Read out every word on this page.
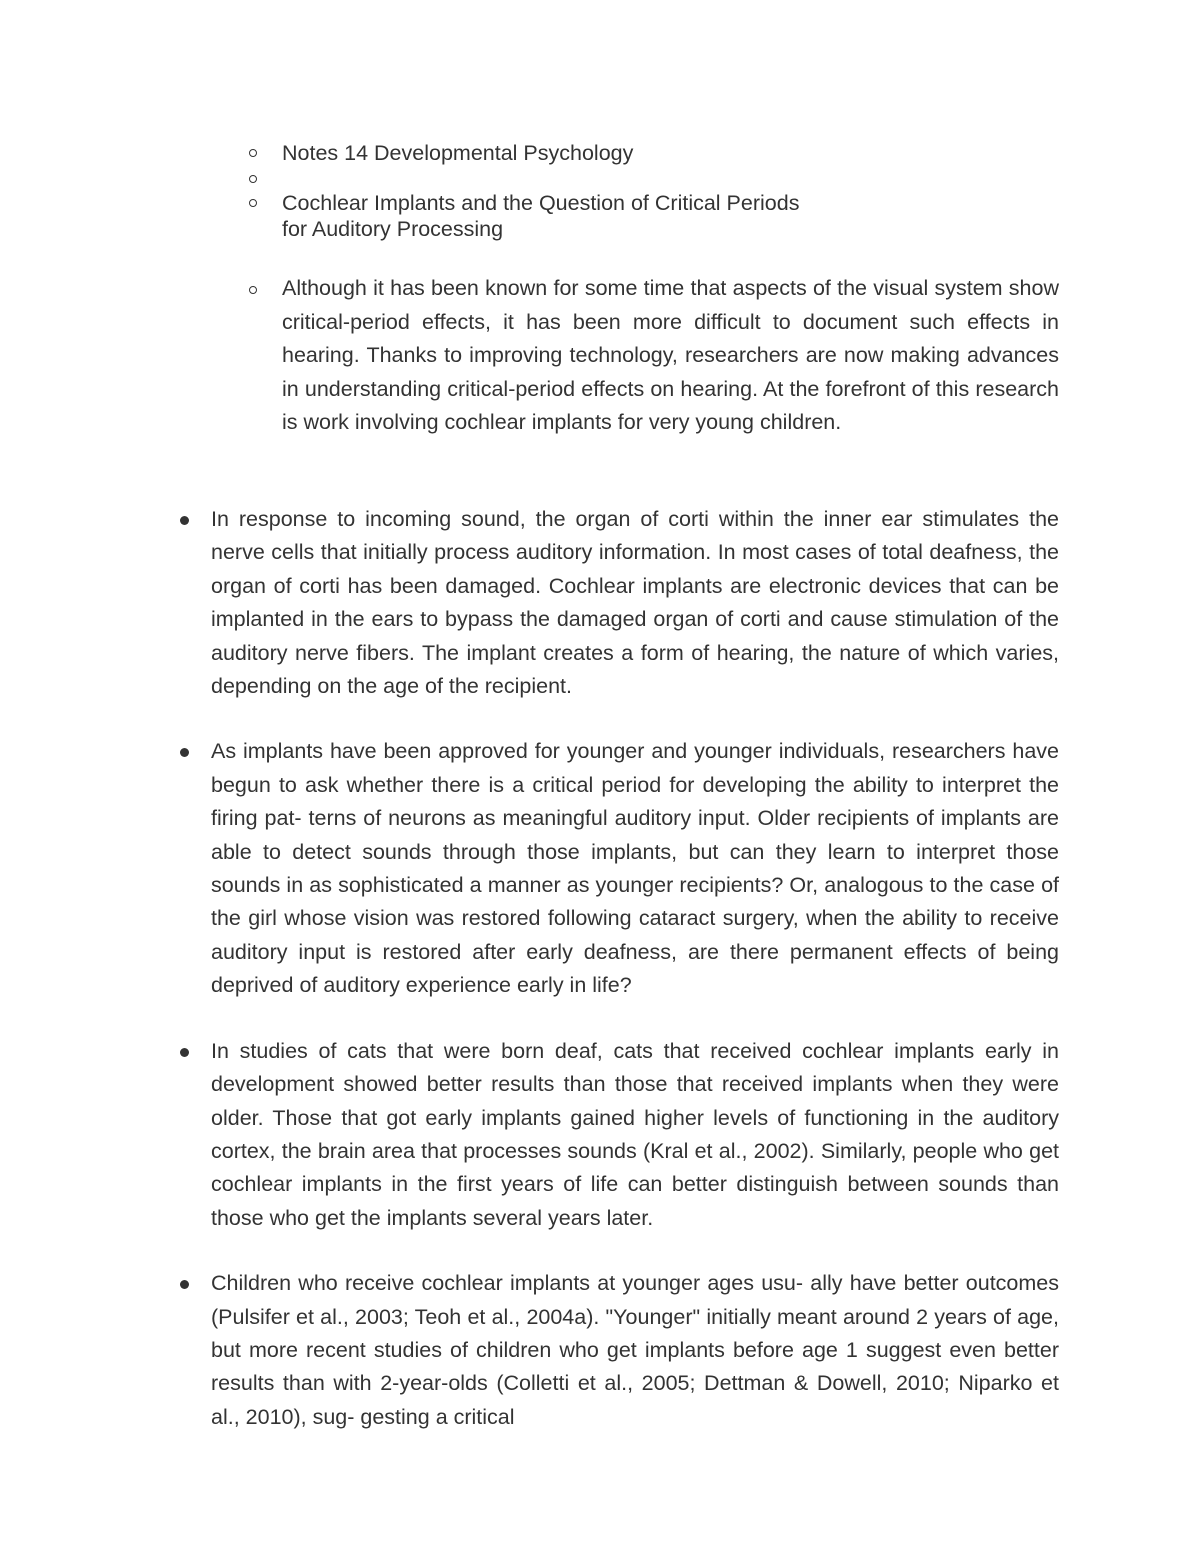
Notes 14 Developmental Psychology
Cochlear Implants and the Question of Critical Periods
for Auditory Processing
Although it has been known for some time that aspects of the visual system show critical-period effects, it has been more difficult to document such effects in hearing. Thanks to improving technology, researchers are now making advances in understanding critical-period effects on hearing. At the forefront of this research is work involving cochlear implants for very young children.
In response to incoming sound, the organ of corti within the inner ear stimulates the nerve cells that initially process auditory information. In most cases of total deafness, the organ of corti has been damaged. Cochlear implants are electronic devices that can be implanted in the ears to bypass the damaged organ of corti and cause stimulation of the auditory nerve fibers. The implant creates a form of hearing, the nature of which varies, depending on the age of the recipient.
As implants have been approved for younger and younger individuals, researchers have begun to ask whether there is a critical period for developing the ability to interpret the firing pat- terns of neurons as meaningful auditory input. Older recipients of implants are able to detect sounds through those implants, but can they learn to interpret those sounds in as sophisticated a manner as younger recipients? Or, analogous to the case of the girl whose vision was restored following cataract surgery, when the ability to receive auditory input is restored after early deafness, are there permanent effects of being deprived of auditory experience early in life?
In studies of cats that were born deaf, cats that received cochlear implants early in development showed better results than those that received implants when they were older. Those that got early implants gained higher levels of functioning in the auditory cortex, the brain area that processes sounds (Kral et al., 2002). Similarly, people who get cochlear implants in the first years of life can better distinguish between sounds than those who get the implants several years later.
Children who receive cochlear implants at younger ages usu- ally have better outcomes (Pulsifer et al., 2003; Teoh et al., 2004a). "Younger" initially meant around 2 years of age, but more recent studies of children who get implants before age 1 suggest even better results than with 2-year-olds (Colletti et al., 2005; Dettman & Dowell, 2010; Niparko et al., 2010), sug- gesting a critical
